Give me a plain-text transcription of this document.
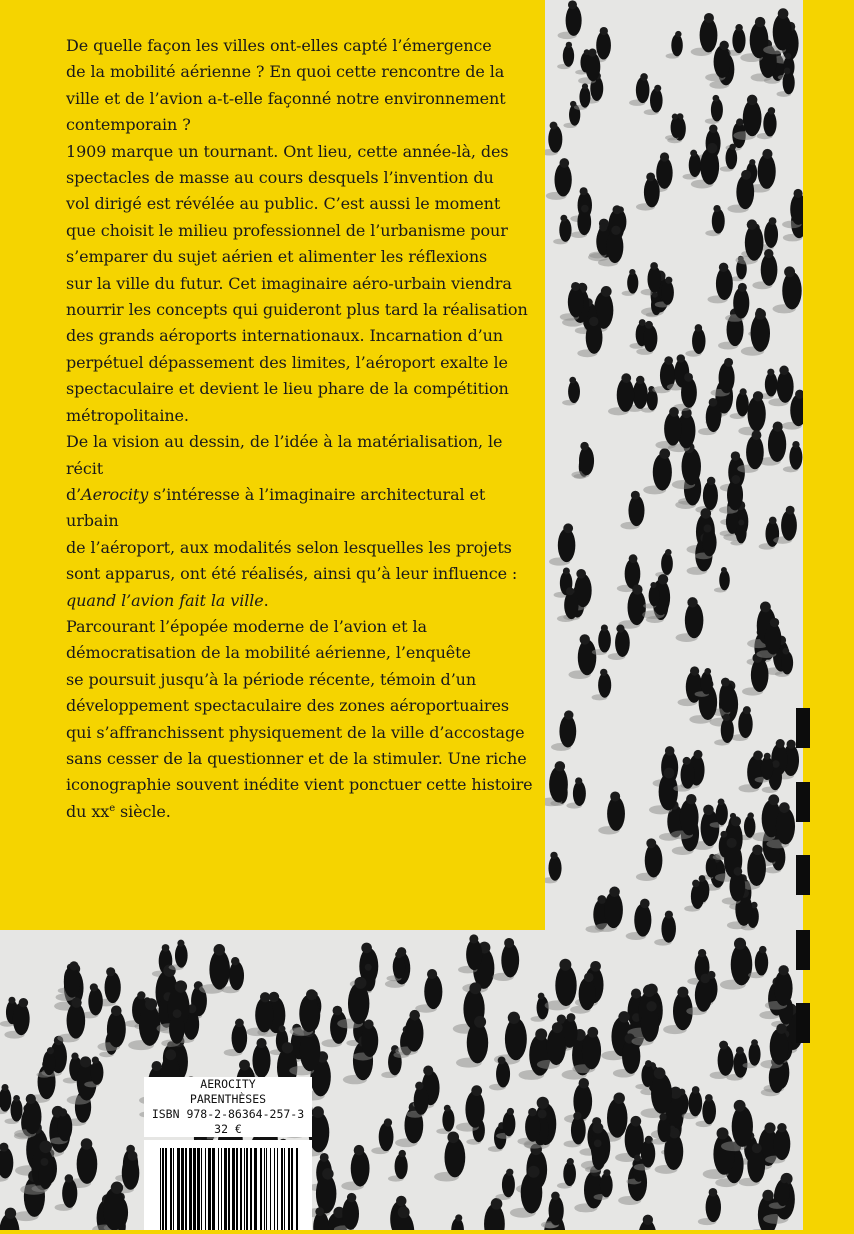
De quelle façon les villes ont-elles capté l’émergence
de la mobilité aérienne ? En quoi cette rencontre de la
ville et de l’avion a-t-elle façonné notre environnement
contemporain ?

1909 marque un tournant. Ont lieu, cette année-là, des
spectacles de masse au cours desquels l’invention du
vol dirigé est révélée au public. C’est aussi le moment
que choisit le milieu professionnel de l’urbanisme pour
s’emparer du sujet aérien et alimenter les réflexions
sur la ville du futur. Cet imaginaire aéro-urbain viendra
nourrir les concepts qui guideront plus tard la réalisation
des grands aéroports internationaux. Incarnation d’un
perpétuel dépassement des limites, l’aéroport exalte le
spectaculaire et devient le lieu phare de la compétition
métropolitaine.

De la vision au dessin, de l’idée à la matérialisation, le récit
d’Aerocity s’intéresse à l’imaginaire architectural et urbain
de l’aéroport, aux modalités selon lesquelles les projets
sont apparus, ont été réalisés, ainsi qu’à leur influence :
quand l’avion fait la ville.

Parcourant l’épopée moderne de l’avion et la
démocratisation de la mobilité aérienne, l’enquête
se poursuit jusqu’à la période récente, témoin d’un
développement spectaculaire des zones aéroportuaires
qui s’affranchissent physiquement de la ville d’accostage
sans cesser de la questionner et de la stimuler. Une riche
iconographie souvent inédite vient ponctuer cette histoire
du $xx^e$ siècle.

AEROCITY
PARENTHÈSES
ISBN 978-2-86364-257-3
32 €
